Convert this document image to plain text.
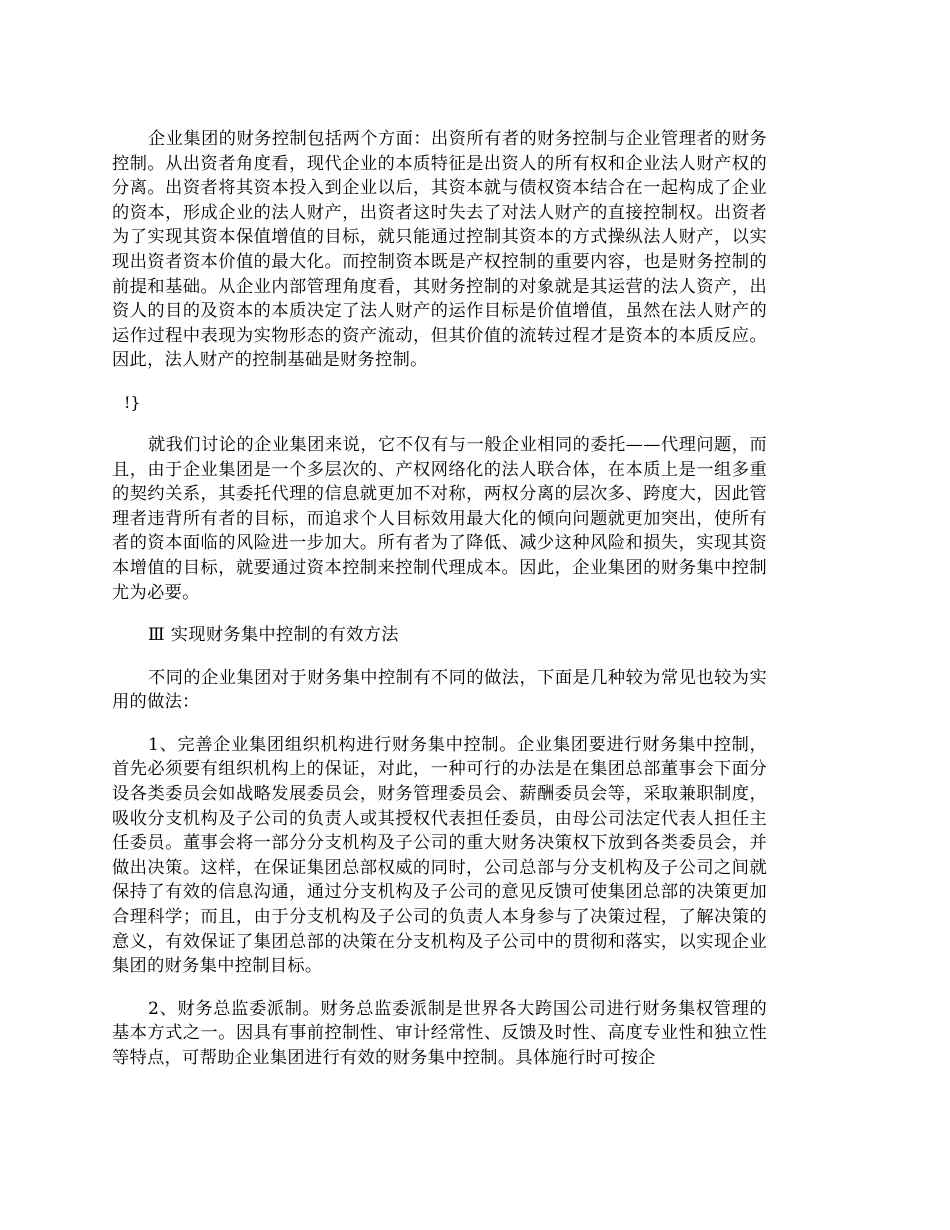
企业集团的财务控制包括两个方面：出资所有者的财务控制与企业管理者的财务控制。从出资者角度看，现代企业的本质特征是出资人的所有权和企业法人财产权的分离。出资者将其资本投入到企业以后，其资本就与债权资本结合在一起构成了企业的资本，形成企业的法人财产，出资者这时失去了对法人财产的直接控制权。出资者为了实现其资本保值增值的目标，就只能通过控制其资本的方式操纵法人财产，以实现出资者资本价值的最大化。而控制资本既是产权控制的重要内容，也是财务控制的前提和基础。从企业内部管理角度看，其财务控制的对象就是其运营的法人资产，出资人的目的及资本的本质决定了法人财产的运作目标是价值增值，虽然在法人财产的运作过程中表现为实物形态的资产流动，但其价值的流转过程才是资本的本质反应。因此，法人财产的控制基础是财务控制。

!}

就我们讨论的企业集团来说，它不仅有与一般企业相同的委托——代理问题，而且，由于企业集团是一个多层次的、产权网络化的法人联合体，在本质上是一组多重的契约关系，其委托代理的信息就更加不对称，两权分离的层次多、跨度大，因此管理者违背所有者的目标，而追求个人目标效用最大化的倾向问题就更加突出，使所有者的资本面临的风险进一步加大。所有者为了降低、减少这种风险和损失，实现其资本增值的目标，就要通过资本控制来控制代理成本。因此，企业集团的财务集中控制尤为必要。

Ⅲ 实现财务集中控制的有效方法

不同的企业集团对于财务集中控制有不同的做法，下面是几种较为常见也较为实用的做法：

1、完善企业集团组织机构进行财务集中控制。企业集团要进行财务集中控制，首先必须要有组织机构上的保证，对此，一种可行的办法是在集团总部董事会下面分设各类委员会如战略发展委员会，财务管理委员会、薪酬委员会等，采取兼职制度，吸收分支机构及子公司的负责人或其授权代表担任委员，由母公司法定代表人担任主任委员。董事会将一部分分支机构及子公司的重大财务决策权下放到各类委员会，并做出决策。这样，在保证集团总部权威的同时，公司总部与分支机构及子公司之间就保持了有效的信息沟通，通过分支机构及子公司的意见反馈可使集团总部的决策更加合理科学；而且，由于分支机构及子公司的负责人本身参与了决策过程，了解决策的意义，有效保证了集团总部的决策在分支机构及子公司中的贯彻和落实，以实现企业集团的财务集中控制目标。

2、财务总监委派制。财务总监委派制是世界各大跨国公司进行财务集权管理的基本方式之一。因具有事前控制性、审计经常性、反馈及时性、高度专业性和独立性等特点，可帮助企业集团进行有效的财务集中控制。具体施行时可按企
